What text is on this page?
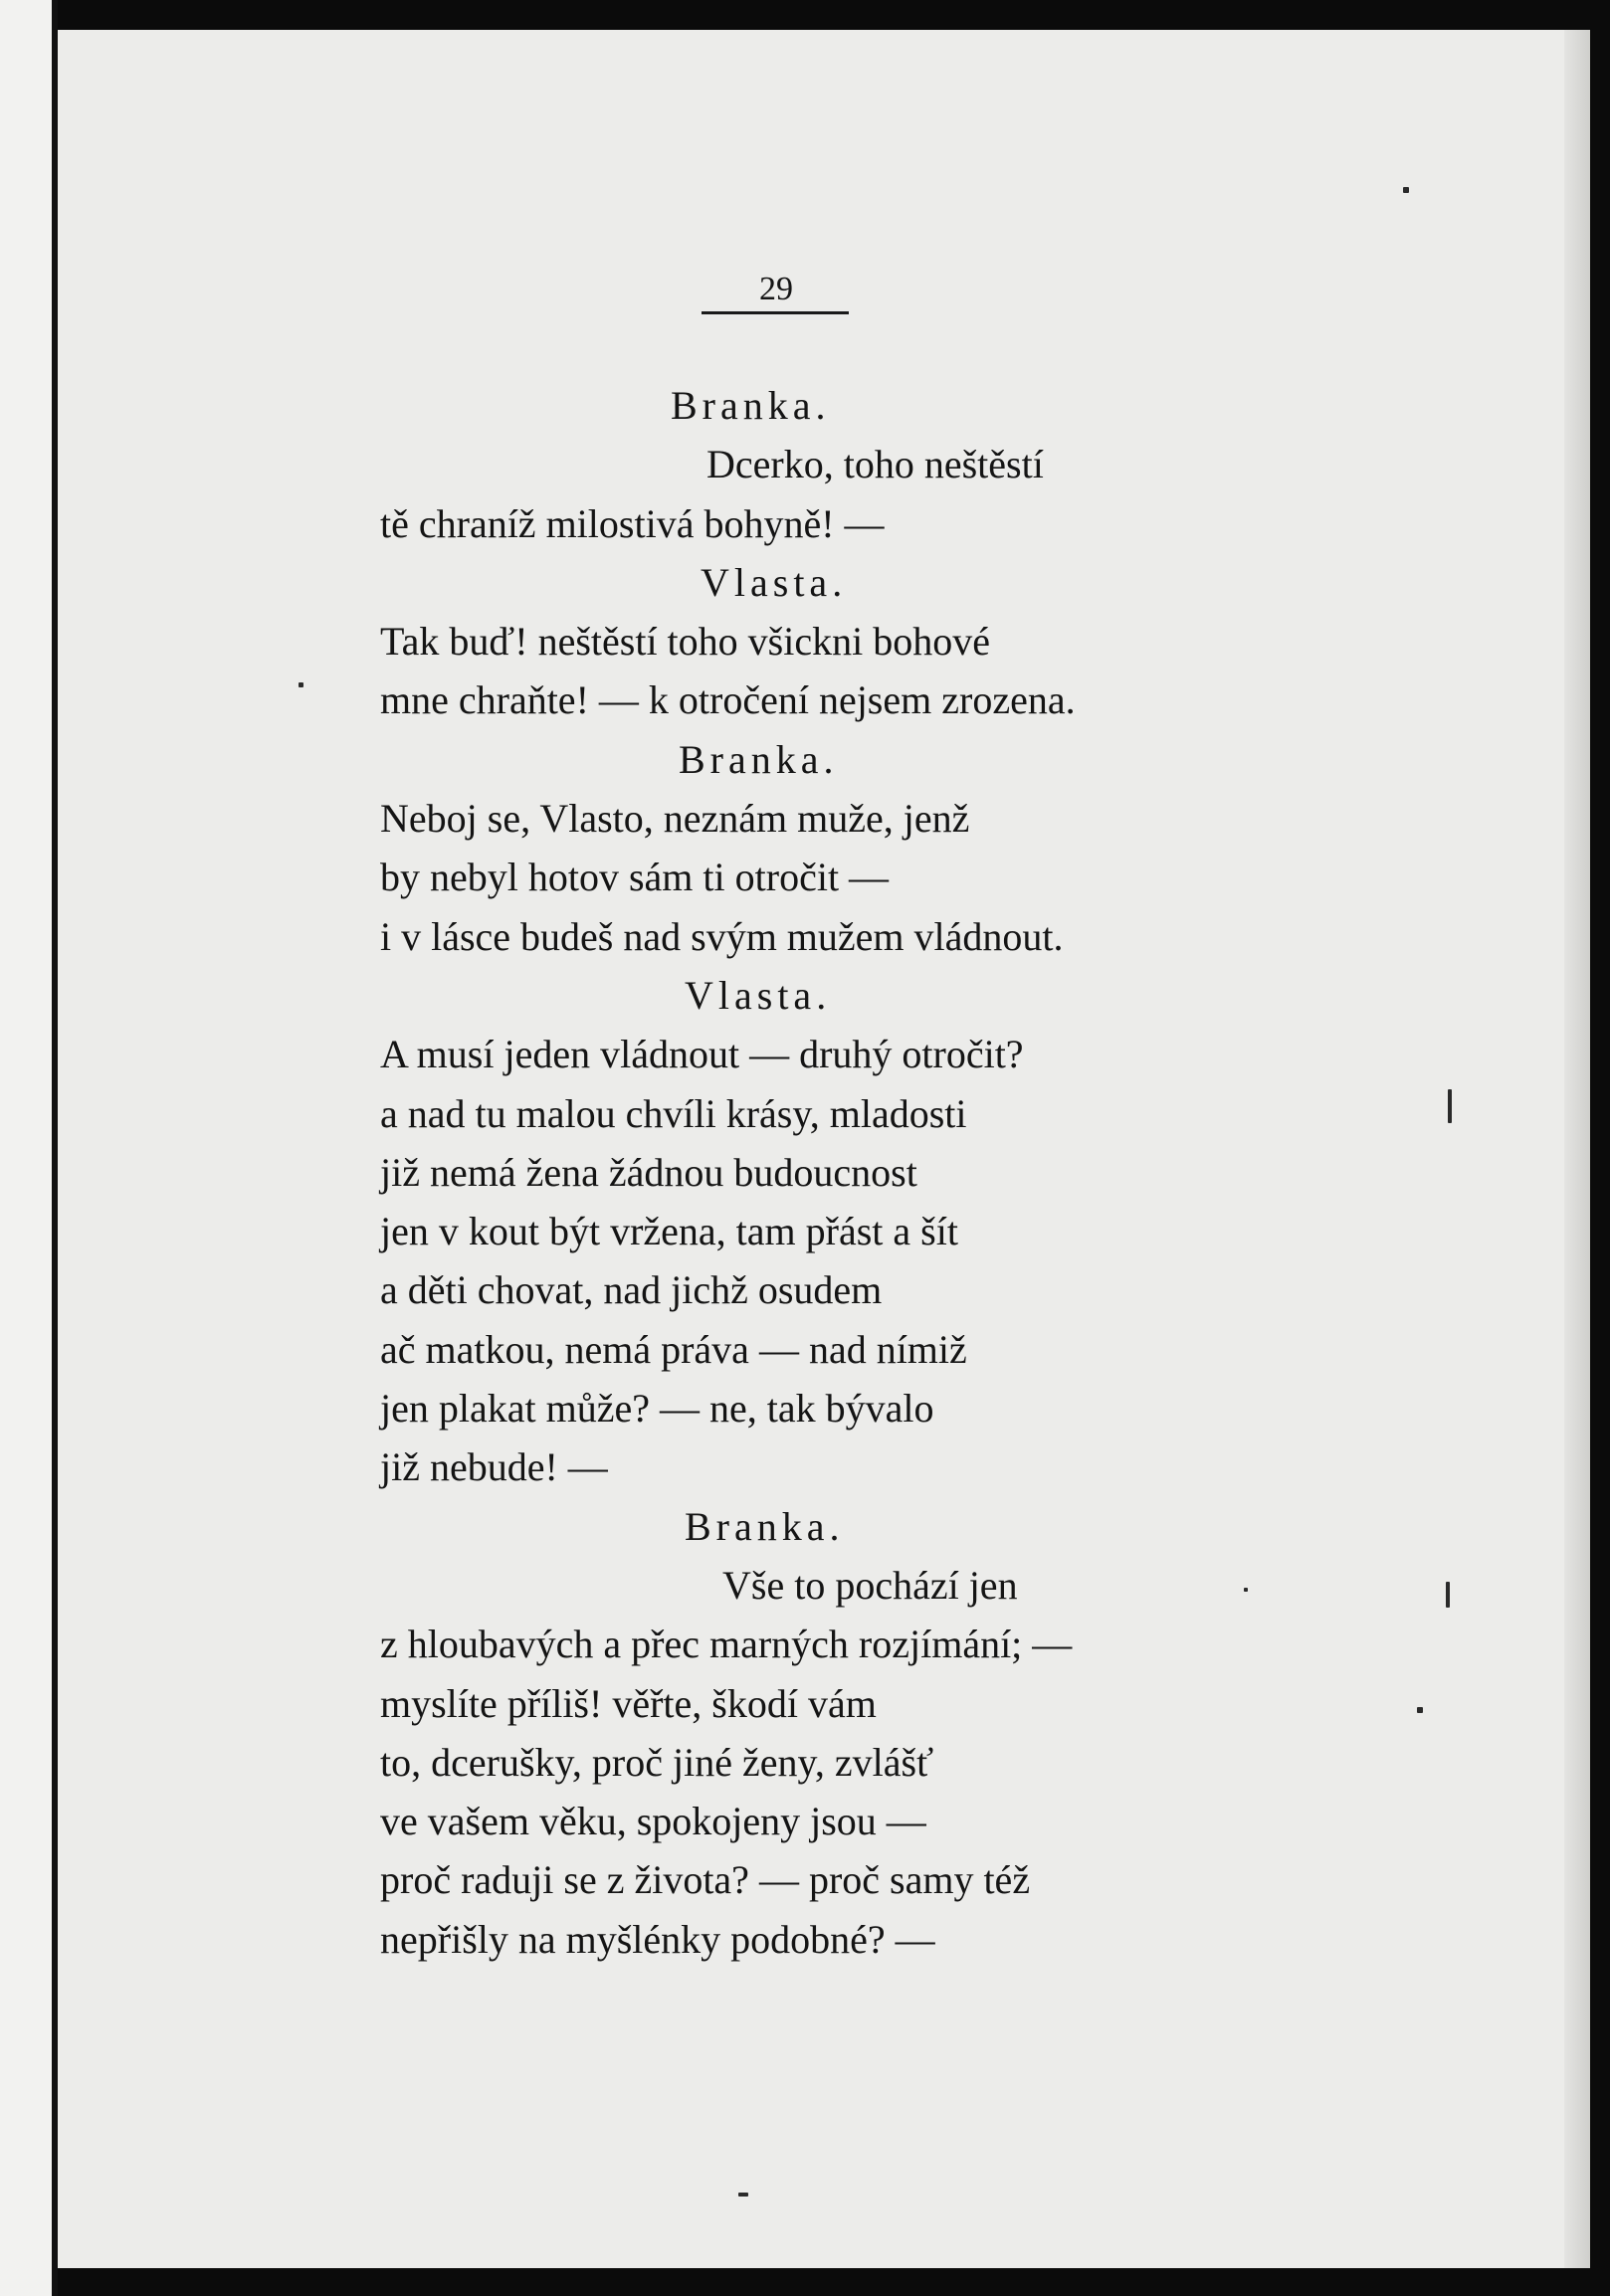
29
Branka.
Dcerko, toho neštěstí
tě chraníž milostivá bohyně! —
Vlasta.
Tak buď! neštěstí toho všickni bohové
mne chraňte! — k otročení nejsem zrozena.
Branka.
Neboj se, Vlasto, neznám muže, jenž
by nebyl hotov sám ti otročit —
i v lásce budeš nad svým mužem vládnout.
Vlasta.
A musí jeden vládnout — druhý otročit?
a nad tu malou chvíli krásy, mladosti
již nemá žena žádnou budoucnost
jen v kout být vržena, tam přást a šít
a děti chovat, nad jichž osudem
ač matkou, nemá práva — nad nímiž
jen plakat může? — ne, tak bývalo
již nebude! —
Branka.
Vše to pochází jen
z hloubavých a přec marných rozjímání; —
myslíte příliš! věřte, škodí vám
to, dcerušky, proč jiné ženy, zvlášť
ve vašem věku, spokojeny jsou —
proč raduji se z života? — proč samy též
nepřišly na myšlénky podobné? —
